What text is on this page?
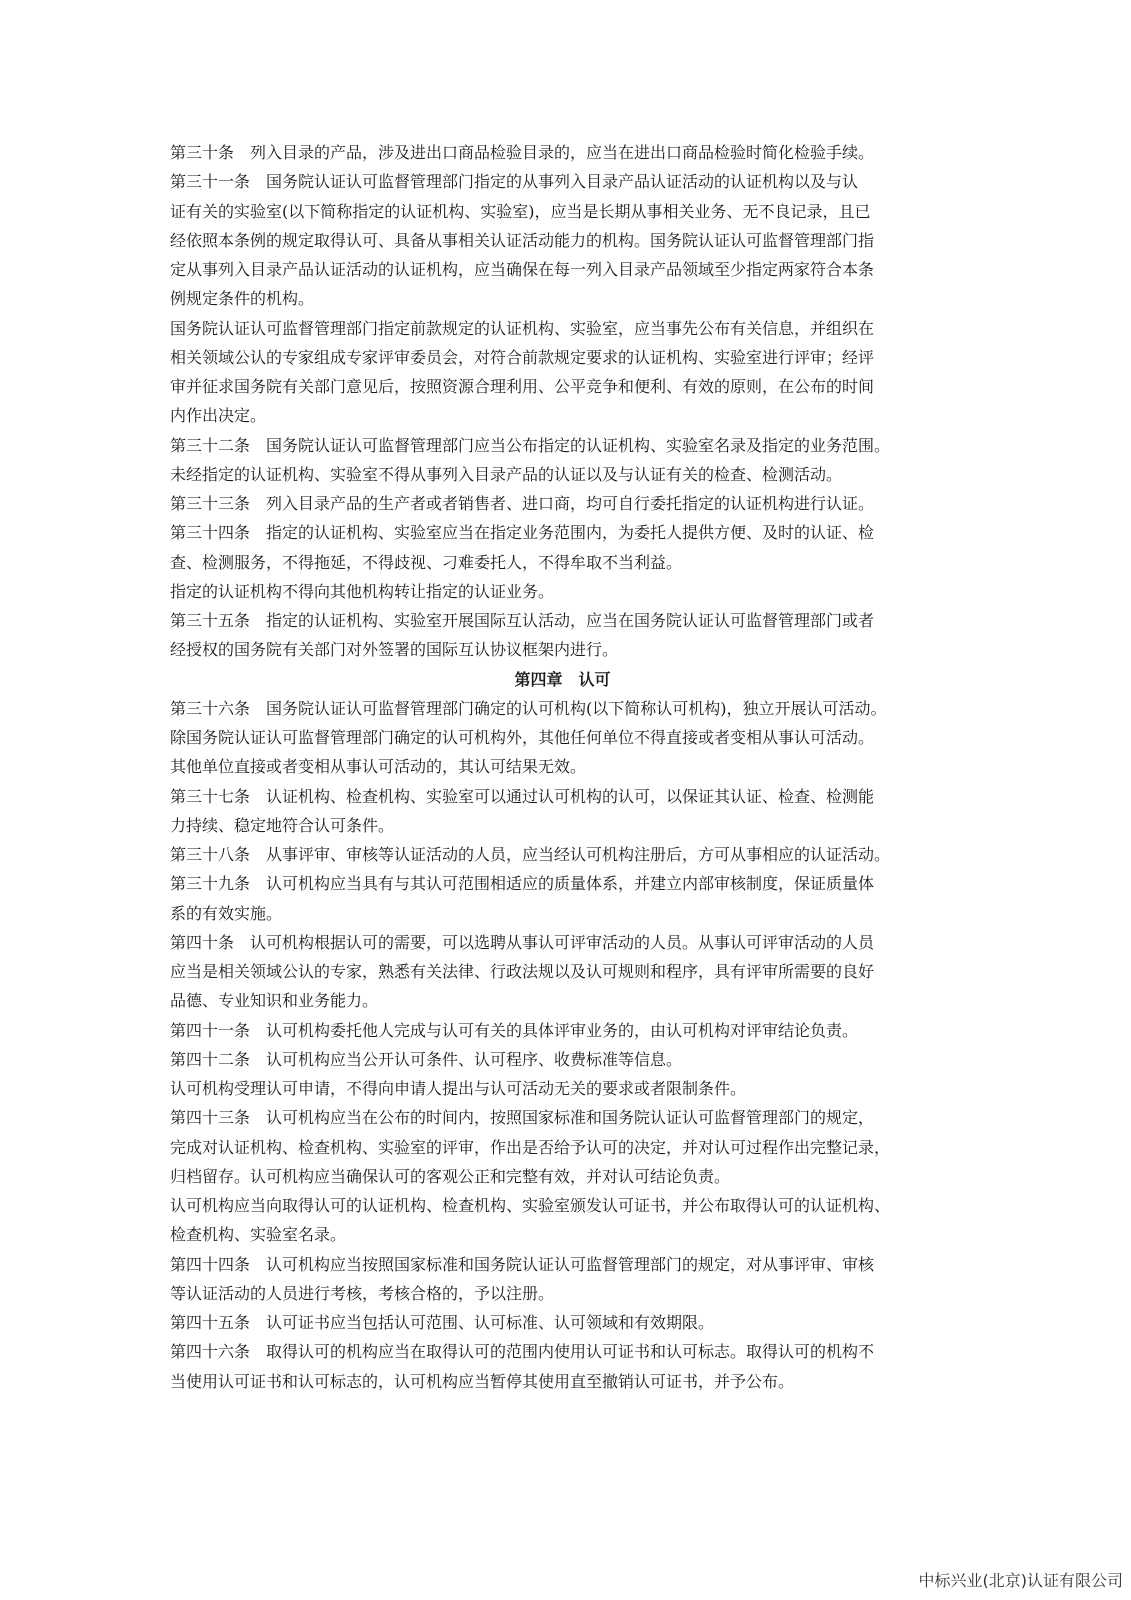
第三十条　列入目录的产品，涉及进出口商品检验目录的，应当在进出口商品检验时简化检验手续。
第三十一条　国务院认证认可监督管理部门指定的从事列入目录产品认证活动的认证机构以及与认
证有关的实验室(以下简称指定的认证机构、实验室)，应当是长期从事相关业务、无不良记录，且已
经依照本条例的规定取得认可、具备从事相关认证活动能力的机构。国务院认证认可监督管理部门指
定从事列入目录产品认证活动的认证机构，应当确保在每一列入目录产品领域至少指定两家符合本条
例规定条件的机构。
国务院认证认可监督管理部门指定前款规定的认证机构、实验室，应当事先公布有关信息，并组织在
相关领域公认的专家组成专家评审委员会，对符合前款规定要求的认证机构、实验室进行评审；经评
审并征求国务院有关部门意见后，按照资源合理利用、公平竞争和便利、有效的原则，在公布的时间
内作出决定。
第三十二条　国务院认证认可监督管理部门应当公布指定的认证机构、实验室名录及指定的业务范围。
未经指定的认证机构、实验室不得从事列入目录产品的认证以及与认证有关的检查、检测活动。
第三十三条　列入目录产品的生产者或者销售者、进口商，均可自行委托指定的认证机构进行认证。
第三十四条　指定的认证机构、实验室应当在指定业务范围内，为委托人提供方便、及时的认证、检
查、检测服务，不得拖延，不得歧视、刁难委托人，不得牟取不当利益。
指定的认证机构不得向其他机构转让指定的认证业务。
第三十五条　指定的认证机构、实验室开展国际互认活动，应当在国务院认证认可监督管理部门或者
经授权的国务院有关部门对外签署的国际互认协议框架内进行。
第四章　认可
第三十六条　国务院认证认可监督管理部门确定的认可机构(以下简称认可机构)，独立开展认可活动。
除国务院认证认可监督管理部门确定的认可机构外，其他任何单位不得直接或者变相从事认可活动。
其他单位直接或者变相从事认可活动的，其认可结果无效。
第三十七条　认证机构、检查机构、实验室可以通过认可机构的认可，以保证其认证、检查、检测能
力持续、稳定地符合认可条件。
第三十八条　从事评审、审核等认证活动的人员，应当经认可机构注册后，方可从事相应的认证活动。
第三十九条　认可机构应当具有与其认可范围相适应的质量体系，并建立内部审核制度，保证质量体
系的有效实施。
第四十条　认可机构根据认可的需要，可以选聘从事认可评审活动的人员。从事认可评审活动的人员
应当是相关领域公认的专家，熟悉有关法律、行政法规以及认可规则和程序，具有评审所需要的良好
品德、专业知识和业务能力。
第四十一条　认可机构委托他人完成与认可有关的具体评审业务的，由认可机构对评审结论负责。
第四十二条　认可机构应当公开认可条件、认可程序、收费标准等信息。
认可机构受理认可申请，不得向申请人提出与认可活动无关的要求或者限制条件。
第四十三条　认可机构应当在公布的时间内，按照国家标准和国务院认证认可监督管理部门的规定，
完成对认证机构、检查机构、实验室的评审，作出是否给予认可的决定，并对认可过程作出完整记录，
归档留存。认可机构应当确保认可的客观公正和完整有效，并对认可结论负责。
认可机构应当向取得认可的认证机构、检查机构、实验室颁发认可证书，并公布取得认可的认证机构、
检查机构、实验室名录。
第四十四条　认可机构应当按照国家标准和国务院认证认可监督管理部门的规定，对从事评审、审核
等认证活动的人员进行考核，考核合格的，予以注册。
第四十五条　认可证书应当包括认可范围、认可标准、认可领域和有效期限。
第四十六条　取得认可的机构应当在取得认可的范围内使用认可证书和认可标志。取得认可的机构不
当使用认可证书和认可标志的，认可机构应当暂停其使用直至撤销认可证书，并予公布。
中标兴业(北京)认证有限公司
